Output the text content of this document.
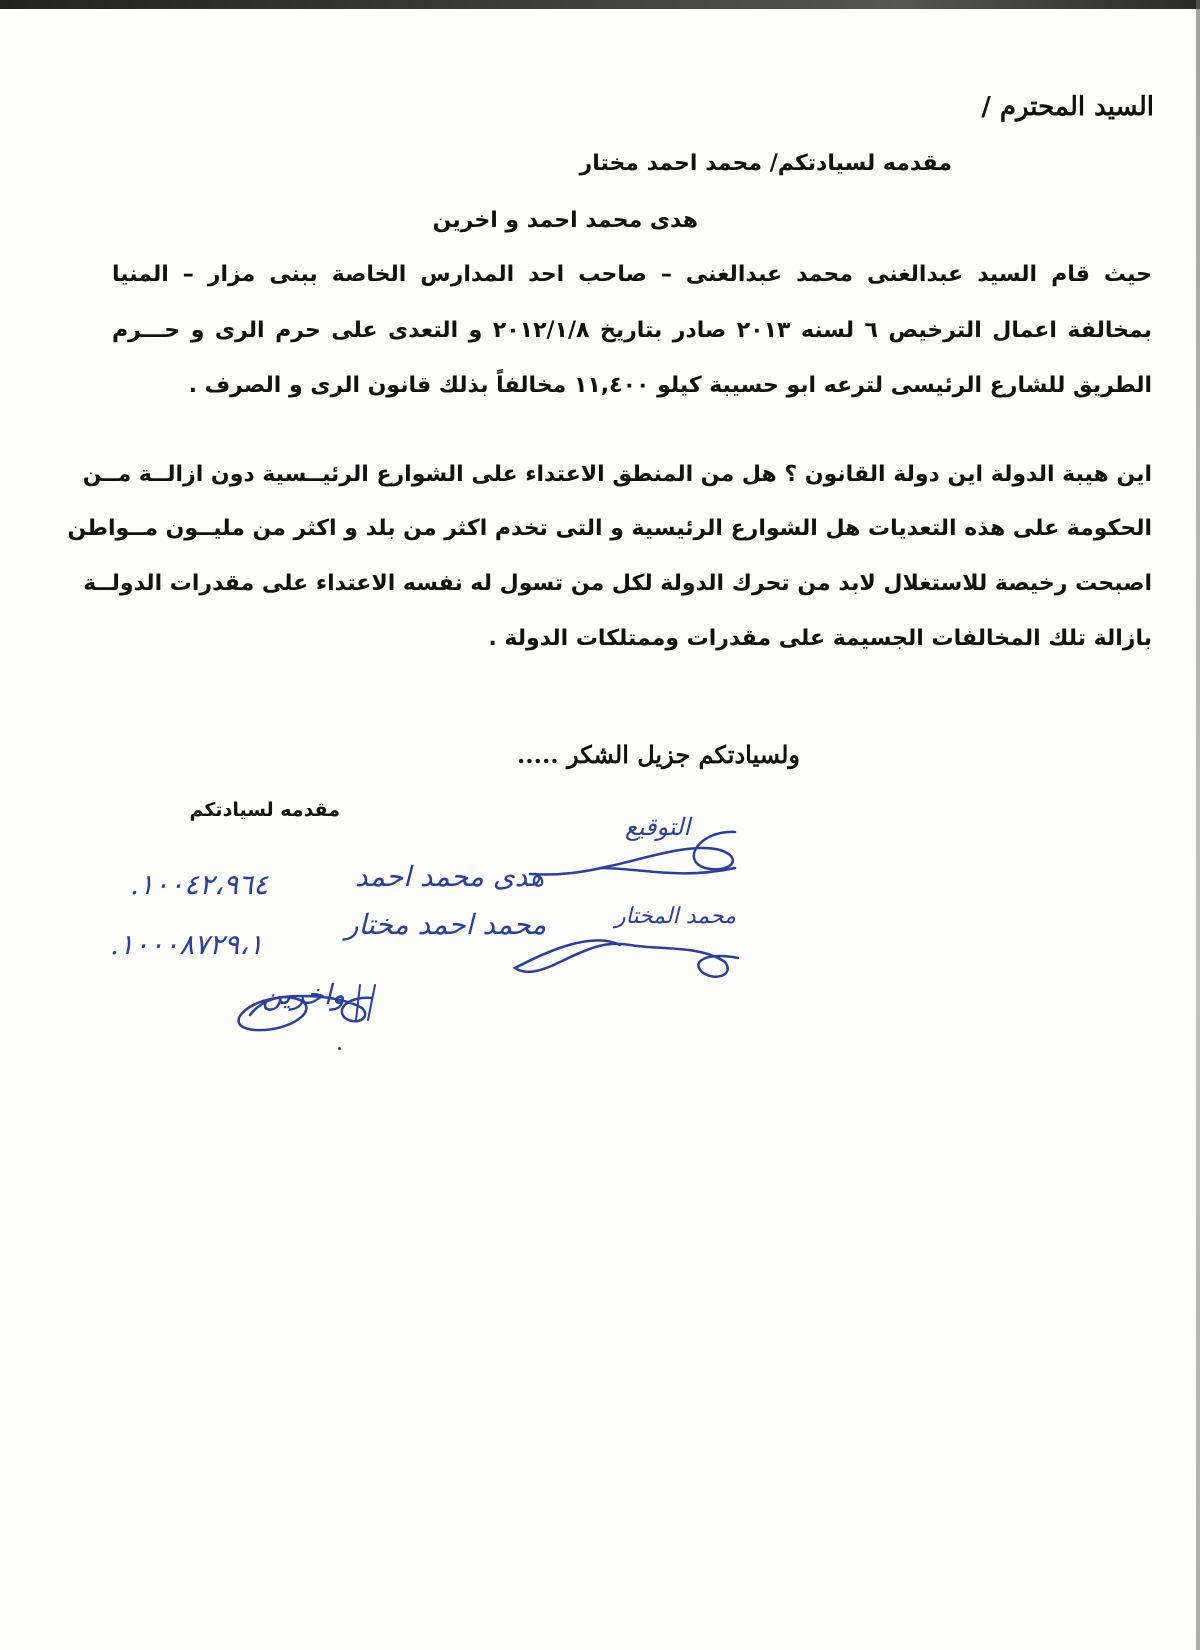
السيد المحترم /

مقدمه لسيادتكم/ محمد احمد مختار

هدى محمد احمد و اخرين

حيث قام السيد عبدالغنى محمد عبدالغنى – صاحب احد المدارس الخاصة ببنى مزار – المنيا

بمخالفة اعمال الترخيص ٦ لسنه ٢٠١٣ صادر بتاريخ ٢٠١٢/١/٨ و التعدى على حرم الرى و حـــرم

الطريق للشارع الرئيسى لترعه ابو حسيبة كيلو ١١,٤٠٠ مخالفاً بذلك قانون الرى و الصرف .

اين هيبة الدولة اين دولة القانون ؟ هل من المنطق الاعتداء على الشوارع الرئيــسية دون ازالــة مــن

الحكومة على هذه التعديات هل الشوارع الرئيسية و التى تخدم اكثر من بلد و اكثر من مليــون مــواطن

اصبحت رخيصة للاستغلال لابد من تحرك الدولة لكل من تسول له نفسه الاعتداء على مقدرات الدولــة

بازالة تلك المخالفات الجسيمة على مقدرات وممتلكات الدولة .

ولسيادتكم جزيل الشكر .....

مقدمه لسيادتكم

التوقيع
هدى محمد احمد
.١٠٠٤٢،٩٦٤
محمد المختار
محمد احمد مختار
.١٠٠٠٨٧٢٩،١
واخرين
